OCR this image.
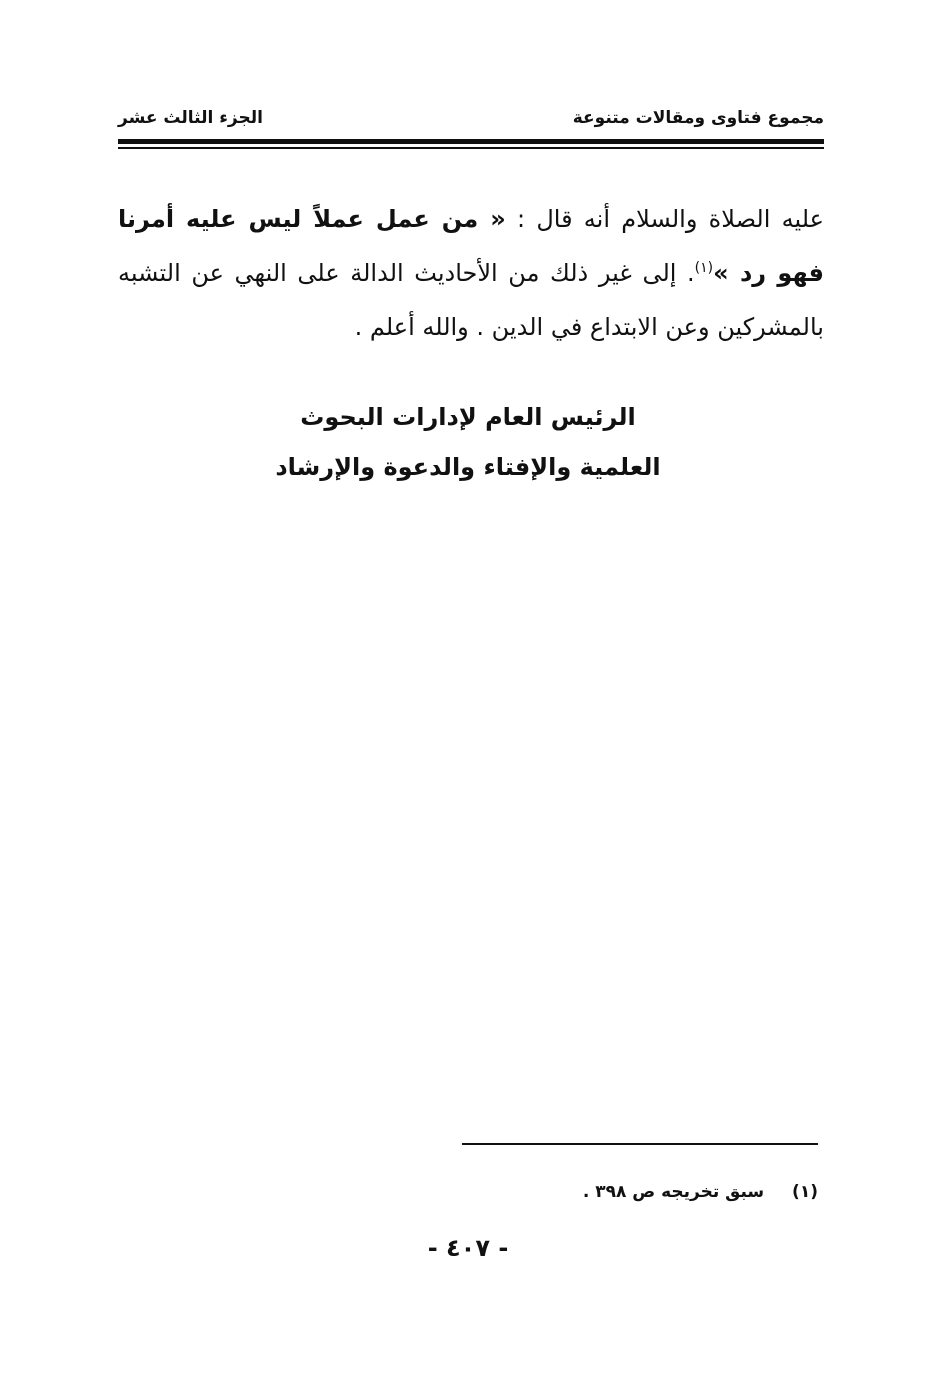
مجموع فتاوى ومقالات متنوعة
الجزء الثالث عشر
عليه الصلاة والسلام أنه قال : « من عمل عملاً ليس عليه أمرنا فهو رد »$^{(١)}$. إلى غير ذلك من الأحاديث الدالة على النهي عن التشبه بالمشركين وعن الابتداع في الدين . والله أعلم .
الرئيس العام لإدارات البحوث
العلمية والإفتاء والدعوة والإرشاد
(١) سبق تخريجه ص ٣٩٨ .
- ٤٠٧ -
